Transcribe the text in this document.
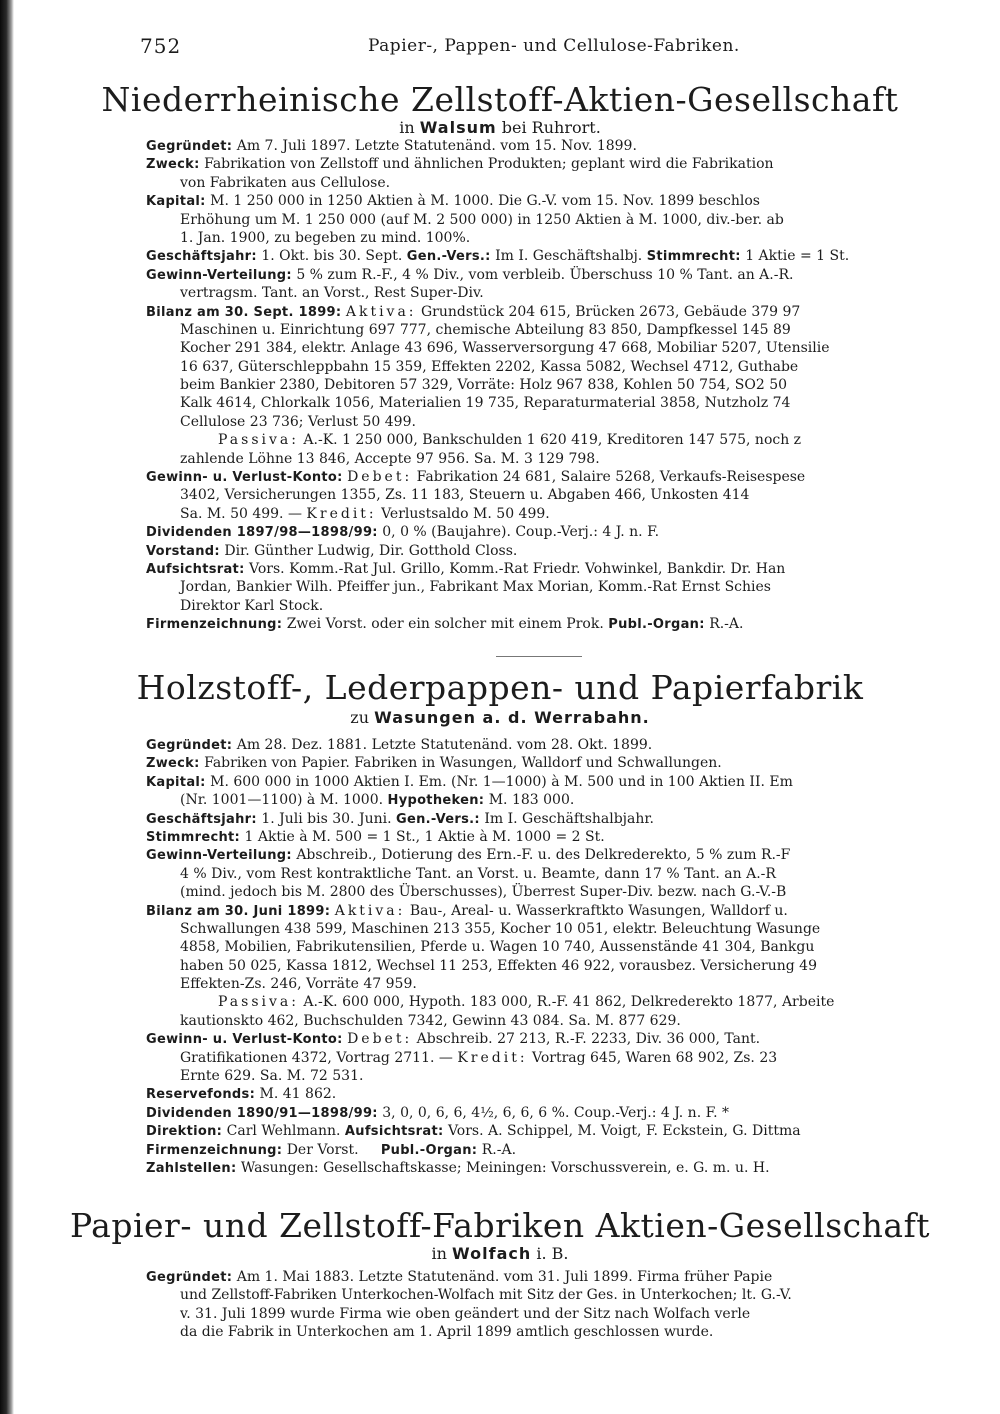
752	Papier-, Pappen- und Cellulose-Fabriken.
Niederrheinische Zellstoff-Aktien-Gesellschaft
in Walsum bei Ruhrort.
Gegründet: Am 7. Juli 1897. Letzte Statutenänd. vom 15. Nov. 1899.
Zweck: Fabrikation von Zellstoff und ähnlichen Produkten; geplant wird die Fabrikation
von Fabrikaten aus Cellulose.
Kapital: M. 1 250 000 in 1250 Aktien à M. 1000. Die G.-V. vom 15. Nov. 1899 beschlos
Erhöhung um M. 1 250 000 (auf M. 2 500 000) in 1250 Aktien à M. 1000, div.-ber. ab
1. Jan. 1900, zu begeben zu mind. 100%.
Geschäftsjahr: 1. Okt. bis 30. Sept. Gen.-Vers.: Im I. Geschäftshalbj. Stimmrecht: 1 Aktie = 1 St.
Gewinn-Verteilung: 5 % zum R.-F., 4 % Div., vom verbleib. Überschuss 10 % Tant. an A.-R.
vertragsm. Tant. an Vorst., Rest Super-Div.
Bilanz am 30. Sept. 1899: Aktiva: Grundstück 204 615, Brücken 2673, Gebäude 379 97
Maschinen u. Einrichtung 697 777, chemische Abteilung 83 850, Dampfkessel 145 89
Kocher 291 384, elektr. Anlage 43 696, Wasserversorgung 47 668, Mobiliar 5207, Utensilie
16 637, Güterschleppbahn 15 359, Effekten 2202, Kassa 5082, Wechsel 4712, Guthabe
beim Bankier 2380, Debitoren 57 329, Vorräte: Holz 967 838, Kohlen 50 754, SO2 50
Kalk 4614, Chlorkalk 1056, Materialien 19 735, Reparaturmaterial 3858, Nutzholz 74
Cellulose 23 736; Verlust 50 499.
Passiva: A.-K. 1 250 000, Bankschulden 1 620 419, Kreditoren 147 575, noch z
zahlende Löhne 13 846, Accepte 97 956. Sa. M. 3 129 798.
Gewinn- u. Verlust-Konto: Debet: Fabrikation 24 681, Salaire 5268, Verkaufs-Reisespese
3402, Versicherungen 1355, Zs. 11 183, Steuern u. Abgaben 466, Unkosten 414
Sa. M. 50 499. — Kredit: Verlustsaldo M. 50 499.
Dividenden 1897/98—1898/99: 0, 0 % (Baujahre). Coup.-Verj.: 4 J. n. F.
Vorstand: Dir. Günther Ludwig, Dir. Gotthold Closs.
Aufsichtsrat: Vors. Komm.-Rat Jul. Grillo, Komm.-Rat Friedr. Vohwinkel, Bankdir. Dr. Han
Jordan, Bankier Wilh. Pfeiffer jun., Fabrikant Max Morian, Komm.-Rat Ernst Schies
Direktor Karl Stock.
Firmenzeichnung: Zwei Vorst. oder ein solcher mit einem Prok. Publ.-Organ: R.-A.
Holzstoff-, Lederpappen- und Papierfabrik
zu Wasungen a. d. Werrabahn.
Gegründet: Am 28. Dez. 1881. Letzte Statutenänd. vom 28. Okt. 1899.
Zweck: Fabriken von Papier. Fabriken in Wasungen, Walldorf und Schwallungen.
Kapital: M. 600 000 in 1000 Aktien I. Em. (Nr. 1—1000) à M. 500 und in 100 Aktien II. Em
(Nr. 1001—1100) à M. 1000. Hypotheken: M. 183 000.
Geschäftsjahr: 1. Juli bis 30. Juni. Gen.-Vers.: Im I. Geschäftshalbjahr.
Stimmrecht: 1 Aktie à M. 500 = 1 St., 1 Aktie à M. 1000 = 2 St.
Gewinn-Verteilung: Abschreib., Dotierung des Ern.-F. u. des Delkrederekto, 5 % zum R.-F
4 % Div., vom Rest kontraktliche Tant. an Vorst. u. Beamte, dann 17 % Tant. an A.-R
(mind. jedoch bis M. 2800 des Überschusses), Überrest Super-Div. bezw. nach G.-V.-B
Bilanz am 30. Juni 1899: Aktiva: Bau-, Areal- u. Wasserkraftkto Wasungen, Walldorf u.
Schwallungen 438 599, Maschinen 213 355, Kocher 10 051, elektr. Beleuchtung Wasunge
4858, Mobilien, Fabrikutensilien, Pferde u. Wagen 10 740, Aussenstände 41 304, Bankgu
haben 50 025, Kassa 1812, Wechsel 11 253, Effekten 46 922, vorausbez. Versicherung 49
Effekten-Zs. 246, Vorräte 47 959.
Passiva: A.-K. 600 000, Hypoth. 183 000, R.-F. 41 862, Delkrederekto 1877, Arbeite
kautionskto 462, Buchschulden 7342, Gewinn 43 084. Sa. M. 877 629.
Gewinn- u. Verlust-Konto: Debet: Abschreib. 27 213, R.-F. 2233, Div. 36 000, Tant.
Gratifikationen 4372, Vortrag 2711. — Kredit: Vortrag 645, Waren 68 902, Zs. 23
Ernte 629. Sa. M. 72 531.
Reservefonds: M. 41 862.
Dividenden 1890/91—1898/99: 3, 0, 0, 6, 6, 4½, 6, 6, 6 %. Coup.-Verj.: 4 J. n. F. *
Direktion: Carl Wehlmann. Aufsichtsrat: Vors. A. Schippel, M. Voigt, F. Eckstein, G. Dittma
Firmenzeichnung: Der Vorst. Publ.-Organ: R.-A.
Zahlstellen: Wasungen: Gesellschaftskasse; Meiningen: Vorschussverein, e. G. m. u. H.
Papier- und Zellstoff-Fabriken Aktien-Gesellschaft
in Wolfach i. B.
Gegründet: Am 1. Mai 1883. Letzte Statutenänd. vom 31. Juli 1899. Firma früher Papie
und Zellstoff-Fabriken Unterkochen-Wolfach mit Sitz der Ges. in Unterkochen; lt. G.-V.
v. 31. Juli 1899 wurde Firma wie oben geändert und der Sitz nach Wolfach verle
da die Fabrik in Unterkochen am 1. April 1899 amtlich geschlossen wurde.
